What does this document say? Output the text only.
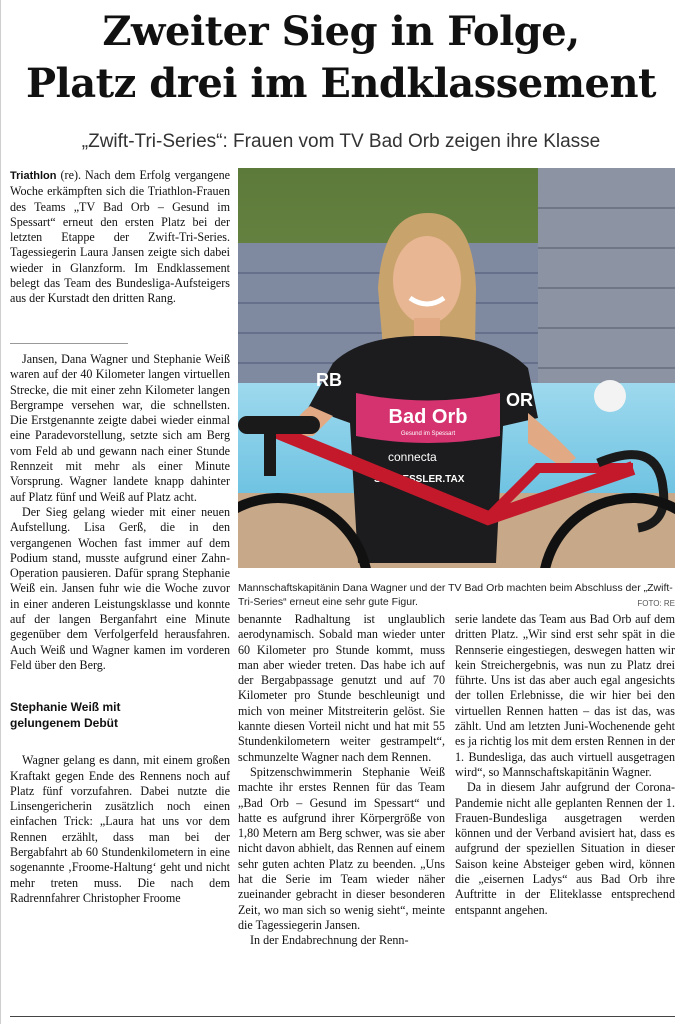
Zweiter Sieg in Folge,
Platz drei im Endklassement
„Zwift-Tri-Series“: Frauen vom TV Bad Orb zeigen ihre Klasse

Triathlon (re). Nach dem Erfolg vergangene Woche erkämpften sich die Triathlon-Frauen des Teams „TV Bad Orb – Gesund im Spessart“ erneut den ersten Platz bei der letzten Etappe der Zwift-Tri-Series. Tagessiegerin Laura Jansen zeigte sich dabei wieder in Glanzform. Im Endklassement belegt das Team des Bundesliga-Aufsteigers aus der Kurstadt den dritten Rang.

Jansen, Dana Wagner und Stephanie Weiß waren auf der 40 Kilometer langen virtuellen Strecke, die mit einer zehn Kilometer langen Bergrampe versehen war, die schnellsten. Die Erstgenannte zeigte dabei wieder einmal eine Paradevorstellung, setzte sich am Berg vom Feld ab und gewann nach einer Stunde Rennzeit mit mehr als einer Minute Vorsprung. Wagner landete knapp dahinter auf Platz fünf und Weiß auf Platz acht.

Der Sieg gelang wieder mit einer neuen Aufstellung. Lisa Gerß, die in den vergangenen Wochen fast immer auf dem Podium stand, musste aufgrund einer Zahn-Operation pausieren. Dafür sprang Stephanie Weiß ein. Jansen fuhr wie die Woche zuvor in einer anderen Leistungsklasse und konnte auf der langen Berganfahrt eine Minute gegenüber dem Verfolgerfeld herausfahren. Auch Weiß und Wagner kamen im vorderen Feld über den Berg.

Stephanie Weiß mit
gelungenem Debüt

Wagner gelang es dann, mit einem großen Kraftakt gegen Ende des Rennens noch auf Platz fünf vorzufahren. Dabei nutzte die Linsengericherin zusätzlich noch einen einfachen Trick: „Laura hat uns vor dem Rennen erzählt, dass man bei der Bergabfahrt ab 60 Stundenkilometern in eine sogenannte ‚Froome-Haltung‘ geht und nicht mehr treten muss. Die nach dem Radrennfahrer Christopher Froome

Bad Orb
Gesund im Spessart
RB
OR
connecta
SCHUESSLER.TAX
Mannschaftskapitänin Dana Wagner und der TV Bad Orb machten beim Abschluss der „Zwift-Tri-Series“ erneut eine sehr gute Figur.	FOTO: RE

benannte Radhaltung ist unglaublich aerodynamisch. Sobald man wieder unter 60 Kilometer pro Stunde kommt, muss man aber wieder treten. Das habe ich auf der Bergabpassage genutzt und auf 70 Kilometer pro Stunde beschleunigt und mich von meiner Mitstreiterin gelöst. Sie kannte diesen Vorteil nicht und hat mit 55 Stundenkilometern weiter gestrampelt“, schmunzelte Wagner nach dem Rennen.

Spitzenschwimmerin Stephanie Weiß machte ihr erstes Rennen für das Team „Bad Orb – Gesund im Spessart“ und hatte es aufgrund ihrer Körpergröße von 1,80 Metern am Berg schwer, was sie aber nicht davon abhielt, das Rennen auf einem sehr guten achten Platz zu beenden. „Uns hat die Serie im Team wieder näher zueinander gebracht in dieser besonderen Zeit, wo man sich so wenig sieht“, meinte die Tagessiegerin Jansen.

In der Endabrechnung der Renn-

serie landete das Team aus Bad Orb auf dem dritten Platz. „Wir sind erst sehr spät in die Rennserie eingestiegen, deswegen hatten wir kein Streichergebnis, was nun zu Platz drei führte. Uns ist das aber auch egal angesichts der tollen Erlebnisse, die wir hier bei den virtuellen Rennen hatten – das ist das, was zählt. Und am letzten Juni-Wochenende geht es ja richtig los mit dem ersten Rennen in der 1. Bundesliga, das auch virtuell ausgetragen wird“, so Mannschaftskapitänin Wagner.

Da in diesem Jahr aufgrund der Corona-Pandemie nicht alle geplanten Rennen der 1. Frauen-Bundesliga ausgetragen werden können und der Verband avisiert hat, dass es aufgrund der speziellen Situation in dieser Saison keine Absteiger geben wird, können die „eisernen Ladys“ aus Bad Orb ihre Auftritte in der Eliteklasse entsprechend entspannt angehen.
